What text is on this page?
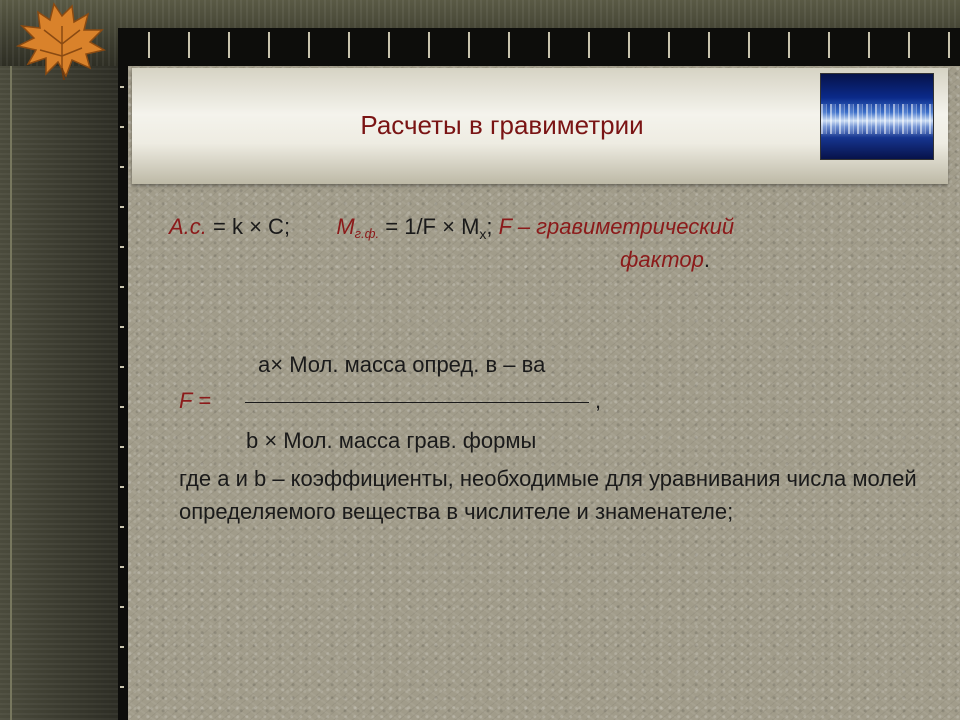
Расчеты в гравиметрии
А.с. = k × C; $М_{г.ф.} = 1/F \times M_x$; F – гравиметрический
фактор.
a× Мол. масса опред. в – ва
F =	,
b × Мол. масса грав. формы
где a и b – коэффициенты, необходимые для уравнивания числа молей определяемого вещества в числителе и знаменателе;
